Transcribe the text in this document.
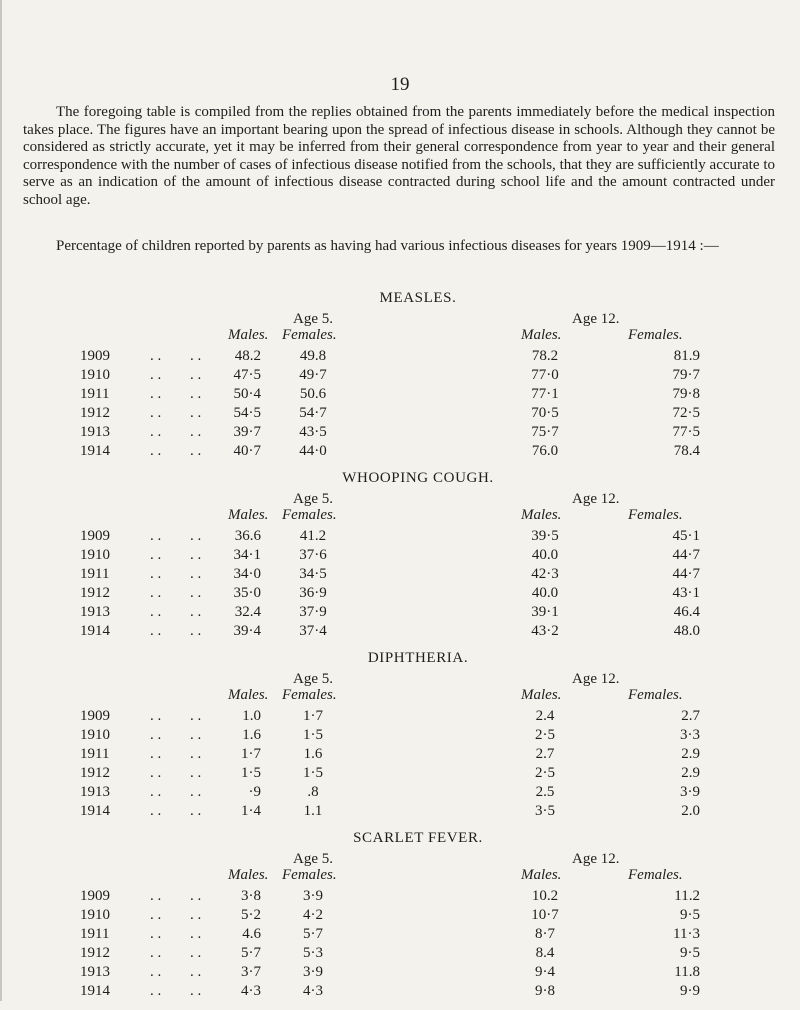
19

The foregoing table is compiled from the replies obtained from the parents immediately before the medical inspection takes place. The figures have an important bearing upon the spread of infectious disease in schools. Although they cannot be considered as strictly accurate, yet it may be inferred from their general correspondence from year to year and their general correspondence with the number of cases of infectious disease notified from the schools, that they are sufficiently accurate to serve as an indication of the amount of infectious disease contracted during school life and the amount contracted under school age.

Percentage of children reported by parents as having had various infectious diseases for years 1909—1914 :—

MEASLES.
Age 5.	Age 12.
Males. Females.	Males.	Females.
1909	. .	. .	48.2	49.8	78.2	81.9
1910	. .	. .	47·5	49·7	77·0	79·7
1911	. .	. .	50·4	50.6	77·1	79·8
1912	. .	. .	54·5	54·7	70·5	72·5
1913	. .	. .	39·7	43·5	75·7	77·5
1914	. .	. .	40·7	44·0	76.0	78.4
WHOOPING COUGH.
Age 5.	Age 12.
Males. Females.	Males.	Females.
1909	. .	. .	36.6	41.2	39·5	45·1
1910	. .	. .	34·1	37·6	40.0	44·7
1911	. .	. .	34·0	34·5	42·3	44·7
1912	. .	. .	35·0	36·9	40.0	43·1
1913	. .	. .	32.4	37·9	39·1	46.4
1914	. .	. .	39·4	37·4	43·2	48.0
DIPHTHERIA.
Age 5.	Age 12.
Males. Females.	Males.	Females.
1909	. .	. .	1.0	1·7	2.4	2.7
1910	. .	. .	1.6	1·5	2·5	3·3
1911	. .	. .	1·7	1.6	2.7	2.9
1912	. .	. .	1·5	1·5	2·5	2.9
1913	. .	. .	·9	.8	2.5	3·9
1914	. .	. .	1·4	1.1	3·5	2.0
SCARLET FEVER.
Age 5.	Age 12.
Males. Females.	Males.	Females.
1909	. .	. .	3·8	3·9	10.2	11.2
1910	. .	. .	5·2	4·2	10·7	9·5
1911	. .	. .	4.6	5·7	8·7	11·3
1912	. .	. .	5·7	5·3	8.4	9·5
1913	. .	. .	3·7	3·9	9·4	11.8
1914	. .	. .	4·3	4·3	9·8	9·9
